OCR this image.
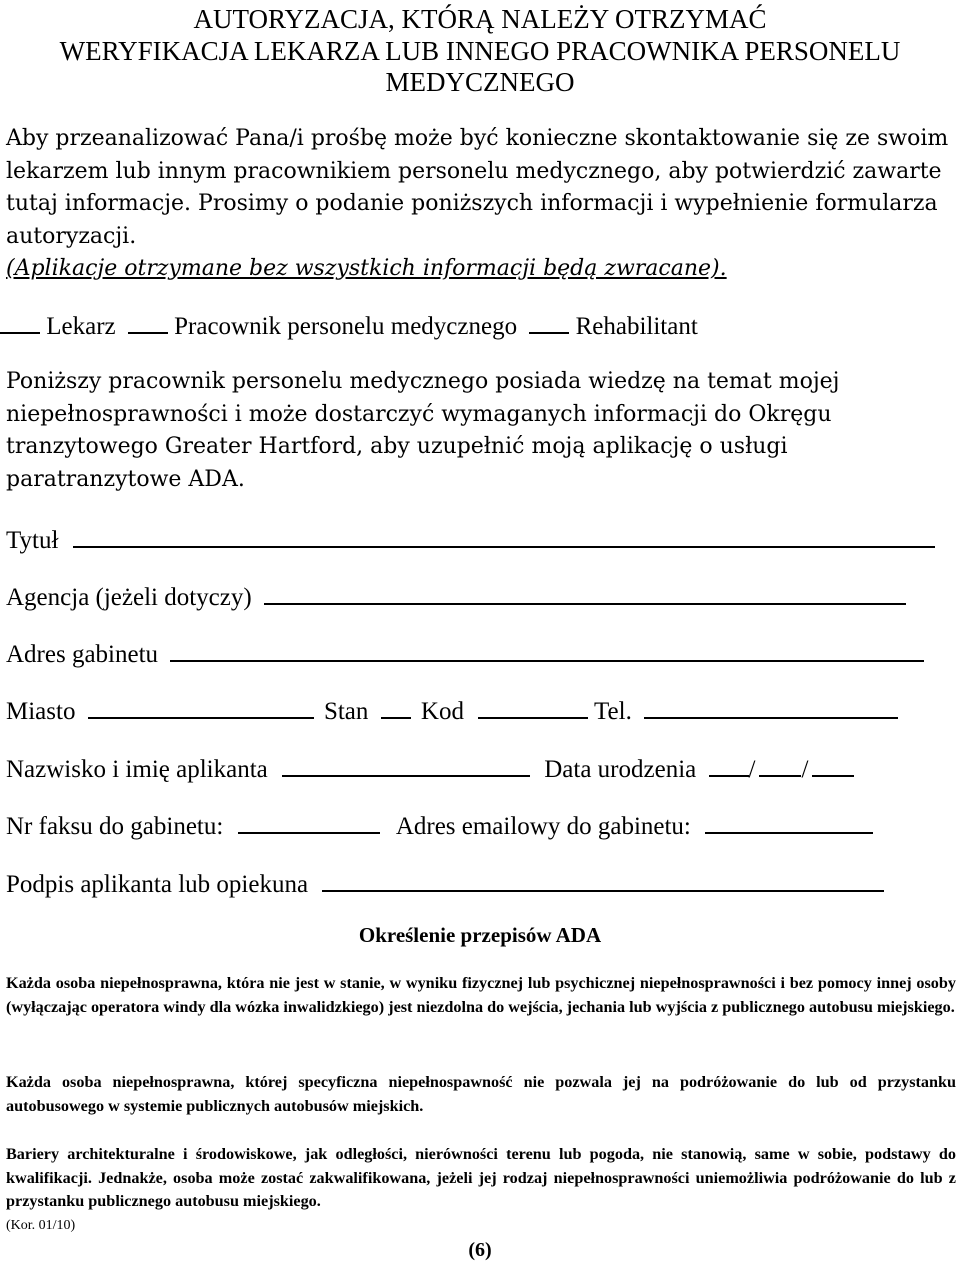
AUTORYZACJA, KTÓRĄ NALEŻY OTRZYMAĆ
WERYFIKACJA LEKARZA LUB INNEGO PRACOWNIKA PERSONELU
MEDYCZNEGO
Aby przeanalizować Pana/i prośbę może być konieczne skontaktowanie się ze swoim lekarzem lub innym pracownikiem personelu medycznego, aby potwierdzić zawarte tutaj informacje. Prosimy o podanie poniższych informacji i wypełnienie formularza autoryzacji.
(Aplikacje otrzymane bez wszystkich informacji będą zwracane).
Lekarz Pracownik personelu medycznego Rehabilitant
Poniższy pracownik personelu medycznego posiada wiedzę na temat mojej niepełnosprawności i może dostarczyć wymaganych informacji do Okręgu tranzytowego Greater Hartford, aby uzupełnić moją aplikację o usługi paratranzytowe ADA.
Tytuł
Agencja (jeżeli dotyczy)
Adres gabinetu
Miasto	Stan Kod	Tel.
Nazwisko i imię aplikanta	Data urodzenia / /
Nr faksu do gabinetu:	Adres emailowy do gabinetu:
Podpis aplikanta lub opiekuna
Określenie przepisów ADA
Każda osoba niepełnosprawna, która nie jest w stanie, w wyniku fizycznej lub psychicznej niepełnosprawności i bez pomocy innej osoby (wyłączając operatora windy dla wózka inwalidzkiego) jest niezdolna do wejścia, jechania lub wyjścia z publicznego autobusu miejskiego.
Każda osoba niepełnosprawna, której specyficzna niepełnospawność nie pozwala jej na podróżowanie do lub od przystanku autobusowego w systemie publicznych autobusów miejskich.
Bariery architekturalne i środowiskowe, jak odległości, nierówności terenu lub pogoda, nie stanowią, same w sobie, podstawy do kwalifikacji. Jednakże, osoba może zostać zakwalifikowana, jeżeli jej rodzaj niepełnosprawności uniemożliwia podróżowanie do lub z przystanku publicznego autobusu miejskiego.
(Kor. 01/10)
(6)
